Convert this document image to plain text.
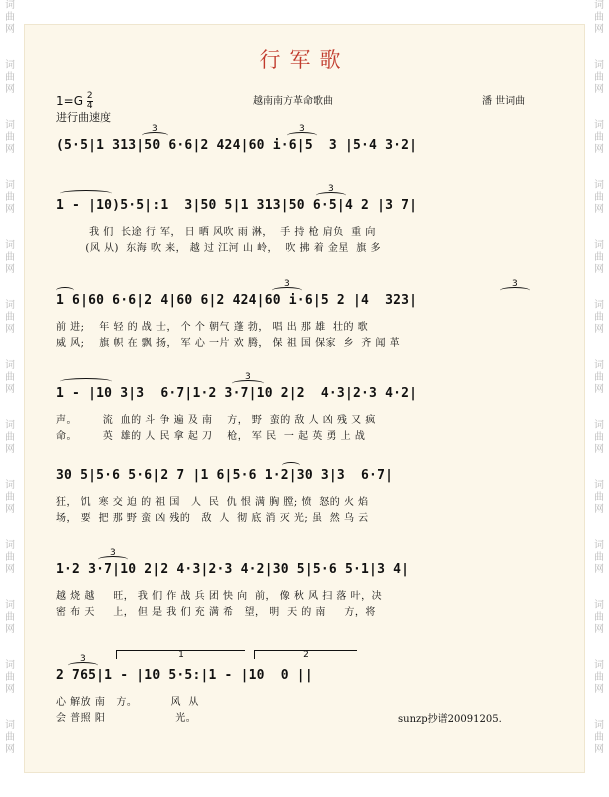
词
曲
网
词
曲
网
词
曲
网
词
曲
网
词
曲
网
词
曲
网
词
曲
网
词
曲
网
词
曲
网
词
曲
网
词
曲
网
词
曲
网
词
曲
网
词
曲
网
词
曲
网
词
曲
网
词
曲
网
词
曲
网
词
曲
网
词
曲
网
词
曲
网
词
曲
网
词
曲
网
词
曲
网
词
曲
网
词
曲
网
行军歌
$1=G \frac{2}{4}$	越南南方革命歌曲	潘 世词曲
进行曲速度
(5·5|1 313|50 6·6|2 424|60 i·6|5  3 |5·4 3·2|
3	3
1 - |10)5·5|:1  3|50 5|1 313|50 6·5|4 2 |3 7|
我 们  长途 行 军， 日 晒 风吹 雨 淋，  手 持 枪 肩负  重 向
(风 从)  东海 吹 来， 越 过 江河 山 岭，  吹 拂 着 金星  旗 多
3
1 6|60 6·6|2 4|60 6|2 424|60 i·6|5 2 |4  323|
前 进;    年 轻 的 战 士， 个 个 朝气 蓬 勃， 唱 出 那 雄  壮的 歌
威 风;    旗 帜 在 飘 扬， 军 心 一片 欢 腾， 保 祖 国 保家  乡  齐 闻 革
3	3
1 - |10 3|3  6·7|1·2 3·7|10 2|2  4·3|2·3 4·2|
声。       流  血的 斗 争 遍 及 南    方， 野  蛮的 敌 人 凶 残 又 疯
命。       英  雄的 人 民 拿 起 刀    枪， 军 民  一 起 英 勇 上 战
3
30 5|5·6 5·6|2 7 |1 6|5·6 1·2|30 3|3  6·7|
狂， 饥  寒 交 迫 的 祖 国   人  民  仇 恨 满 胸 膛; 愤  怒的 火 焰
场， 要  把 那 野 蛮 凶 残的   敌  人  彻 底 消 灭 光; 虽  然 乌 云
1·2 3·7|10 2|2 4·3|2·3 4·2|30 5|5·6 5·1|3 4|
越 烧 越     旺， 我 们 作 战 兵 团 快 向  前， 像 秋 风 扫 落 叶，决
密 布 天     上， 但 是 我 们 充 满 希   望， 明  天 的 南     方，将
3
2 765|1 - |10 5·5:|1 - |10  0 ||
心 解放 南   方。         风  从
会 普照 阳                   光。
3	1	2
sunzp抄谱20091205.
